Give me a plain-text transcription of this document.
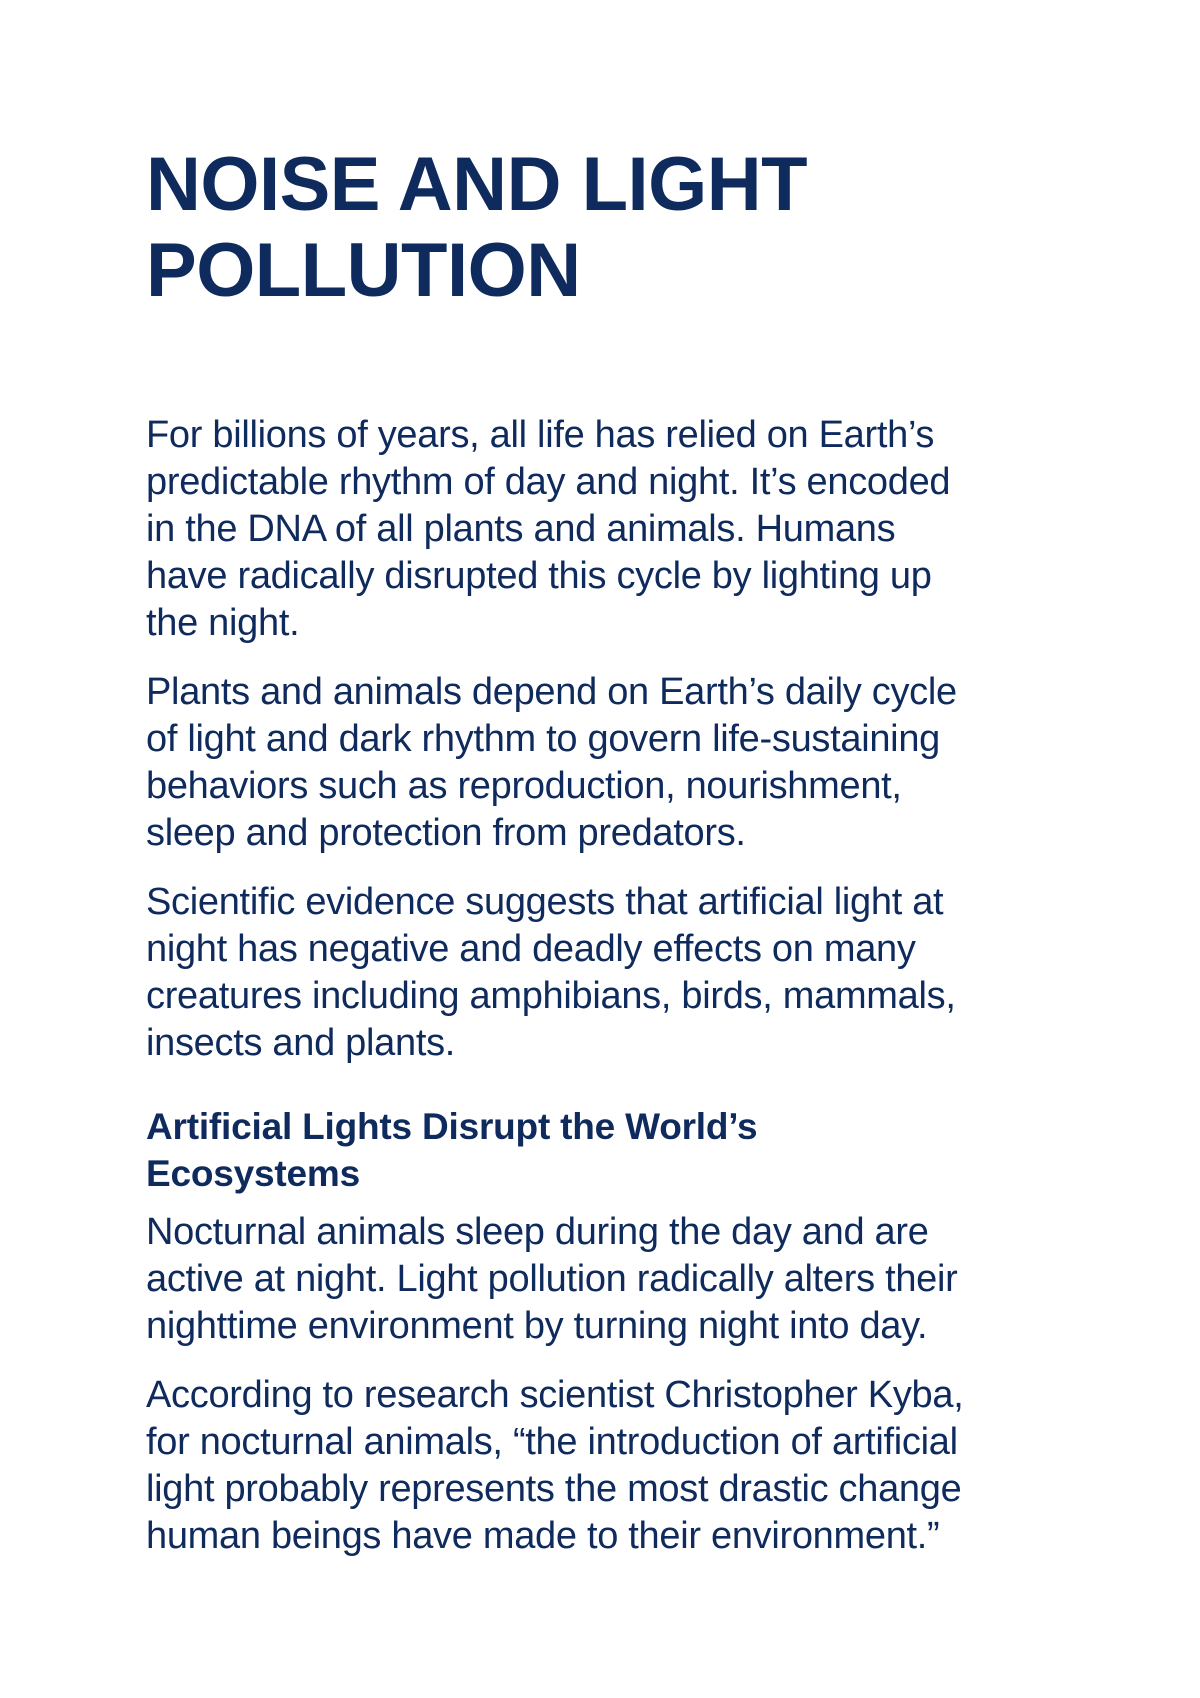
NOISE AND LIGHT
POLLUTION

For billions of years, all life has relied on Earth’s
predictable rhythm of day and night. It’s encoded
in the DNA of all plants and animals. Humans
have radically disrupted this cycle by lighting up
the night.

Plants and animals depend on Earth’s daily cycle
of light and dark rhythm to govern life-sustaining
behaviors such as reproduction, nourishment,
sleep and protection from predators.

Scientific evidence suggests that artificial light at
night has negative and deadly effects on many
creatures including amphibians, birds, mammals,
insects and plants.

Artificial Lights Disrupt the World’s
Ecosystems

Nocturnal animals sleep during the day and are
active at night. Light pollution radically alters their
nighttime environment by turning night into day.

According to research scientist Christopher Kyba,
for nocturnal animals, “the introduction of artificial
light probably represents the most drastic change
human beings have made to their environment.”
